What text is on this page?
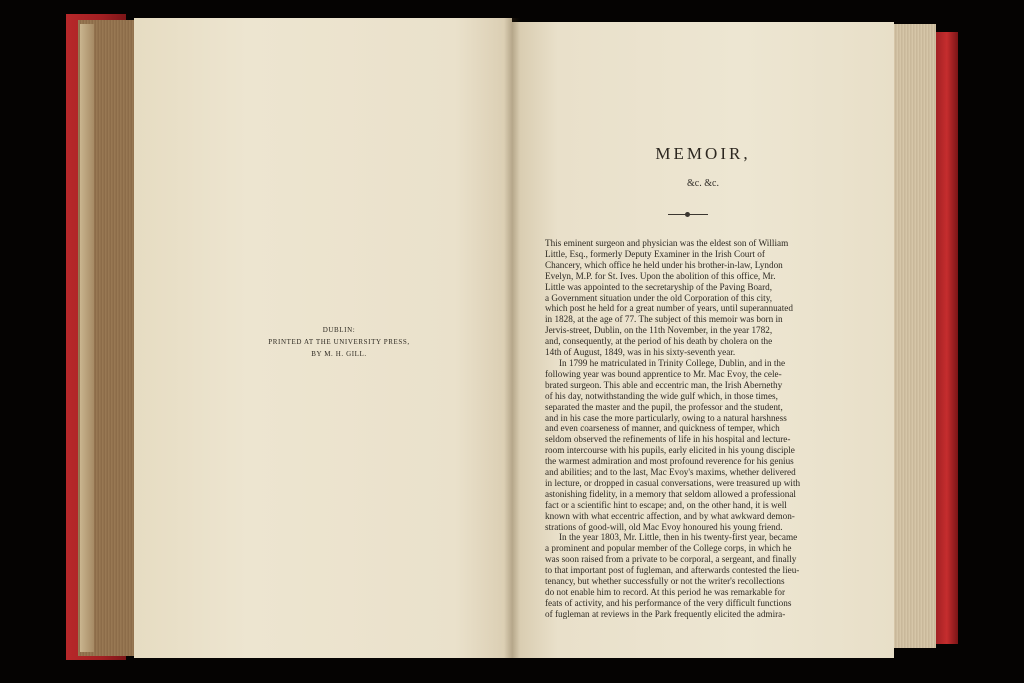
DUBLIN:
PRINTED AT THE UNIVERSITY PRESS,
BY M. H. GILL.
MEMOIR,
&c. &c.
This eminent surgeon and physician was the eldest son of William
Little, Esq., formerly Deputy Examiner in the Irish Court of
Chancery, which office he held under his brother-in-law, Lyndon
Evelyn, M.P. for St. Ives. Upon the abolition of this office, Mr.
Little was appointed to the secretaryship of the Paving Board,
a Government situation under the old Corporation of this city,
which post he held for a great number of years, until superannuated
in 1828, at the age of 77. The subject of this memoir was born in
Jervis-street, Dublin, on the 11th November, in the year 1782,
and, consequently, at the period of his death by cholera on the
14th of August, 1849, was in his sixty-seventh year.
In 1799 he matriculated in Trinity College, Dublin, and in the
following year was bound apprentice to Mr. Mac Evoy, the cele-
brated surgeon. This able and eccentric man, the Irish Abernethy
of his day, notwithstanding the wide gulf which, in those times,
separated the master and the pupil, the professor and the student,
and in his case the more particularly, owing to a natural harshness
and even coarseness of manner, and quickness of temper, which
seldom observed the refinements of life in his hospital and lecture-
room intercourse with his pupils, early elicited in his young disciple
the warmest admiration and most profound reverence for his genius
and abilities; and to the last, Mac Evoy's maxims, whether delivered
in lecture, or dropped in casual conversations, were treasured up with
astonishing fidelity, in a memory that seldom allowed a professional
fact or a scientific hint to escape; and, on the other hand, it is well
known with what eccentric affection, and by what awkward demon-
strations of good-will, old Mac Evoy honoured his young friend.
In the year 1803, Mr. Little, then in his twenty-first year, became
a prominent and popular member of the College corps, in which he
was soon raised from a private to be corporal, a sergeant, and finally
to that important post of fugleman, and afterwards contested the lieu-
tenancy, but whether successfully or not the writer's recollections
do not enable him to record. At this period he was remarkable for
feats of activity, and his performance of the very difficult functions
of fugleman at reviews in the Park frequently elicited the admira-
